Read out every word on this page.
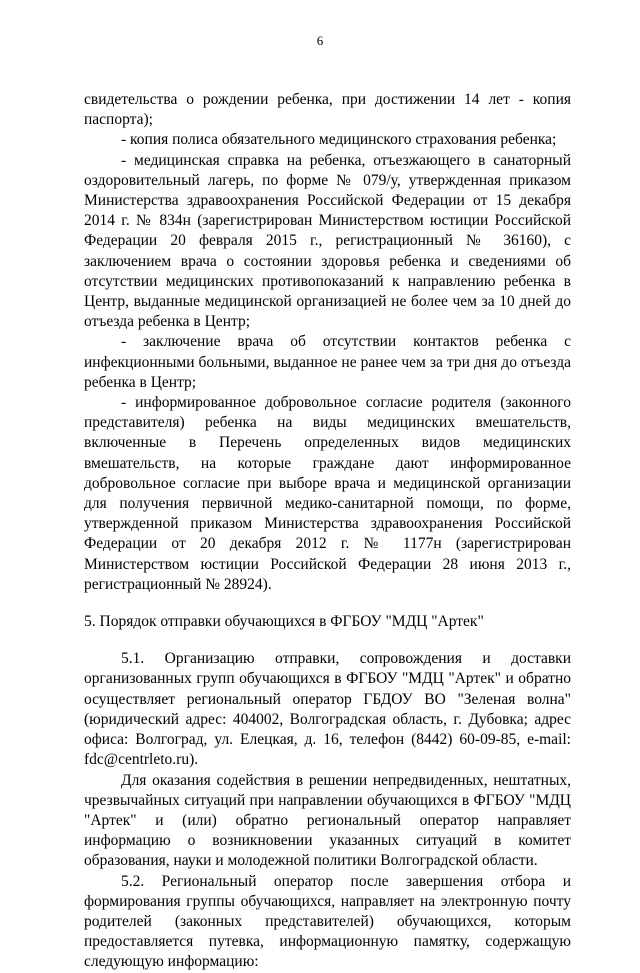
6

свидетельства о рождении ребенка, при достижении 14 лет - копия паспорта);

- копия полиса обязательного медицинского страхования ребенка;

- медицинская справка на ребенка, отъезжающего в санаторный оздоровительный лагерь, по форме № 079/у, утвержденная приказом Министерства здравоохранения Российской Федерации от 15 декабря 2014 г. № 834н (зарегистрирован Министерством юстиции Российской Федерации 20 февраля 2015 г., регистрационный № 36160), с заключением врача о состоянии здоровья ребенка и сведениями об отсутствии медицинских противопоказаний к направлению ребенка в Центр, выданные медицинской организацией не более чем за 10 дней до отъезда ребенка в Центр;

- заключение врача об отсутствии контактов ребенка с инфекционными больными, выданное не ранее чем за три дня до отъезда ребенка в Центр;

- информированное добровольное согласие родителя (законного представителя) ребенка на виды медицинских вмешательств, включенные в Перечень определенных видов медицинских вмешательств, на которые граждане дают информированное добровольное согласие при выборе врача и медицинской организации для получения первичной медико-санитарной помощи, по форме, утвержденной приказом Министерства здравоохранения Российской Федерации от 20 декабря 2012 г. № 1177н (зарегистрирован Министерством юстиции Российской Федерации 28 июня 2013 г., регистрационный № 28924).

5. Порядок отправки обучающихся в ФГБОУ "МДЦ "Артек"

5.1. Организацию отправки, сопровождения и доставки организованных групп обучающихся в ФГБОУ "МДЦ "Артек" и обратно осуществляет региональный оператор ГБДОУ ВО "Зеленая волна" (юридический адрес: 404002, Волгоградская область, г. Дубовка; адрес офиса: Волгоград, ул. Елецкая, д. 16, телефон (8442) 60-09-85, e-mail: fdc@centrleto.ru).

Для оказания содействия в решении непредвиденных, нештатных, чрезвычайных ситуаций при направлении обучающихся в ФГБОУ "МДЦ "Артек" и (или) обратно региональный оператор направляет информацию о возникновении указанных ситуаций в комитет образования, науки и молодежной политики Волгоградской области.

5.2. Региональный оператор после завершения отбора и формирования группы обучающихся, направляет на электронную почту родителей (законных представителей) обучающихся, которым предоставляется путевка, информационную памятку, содержащую следующую информацию:
